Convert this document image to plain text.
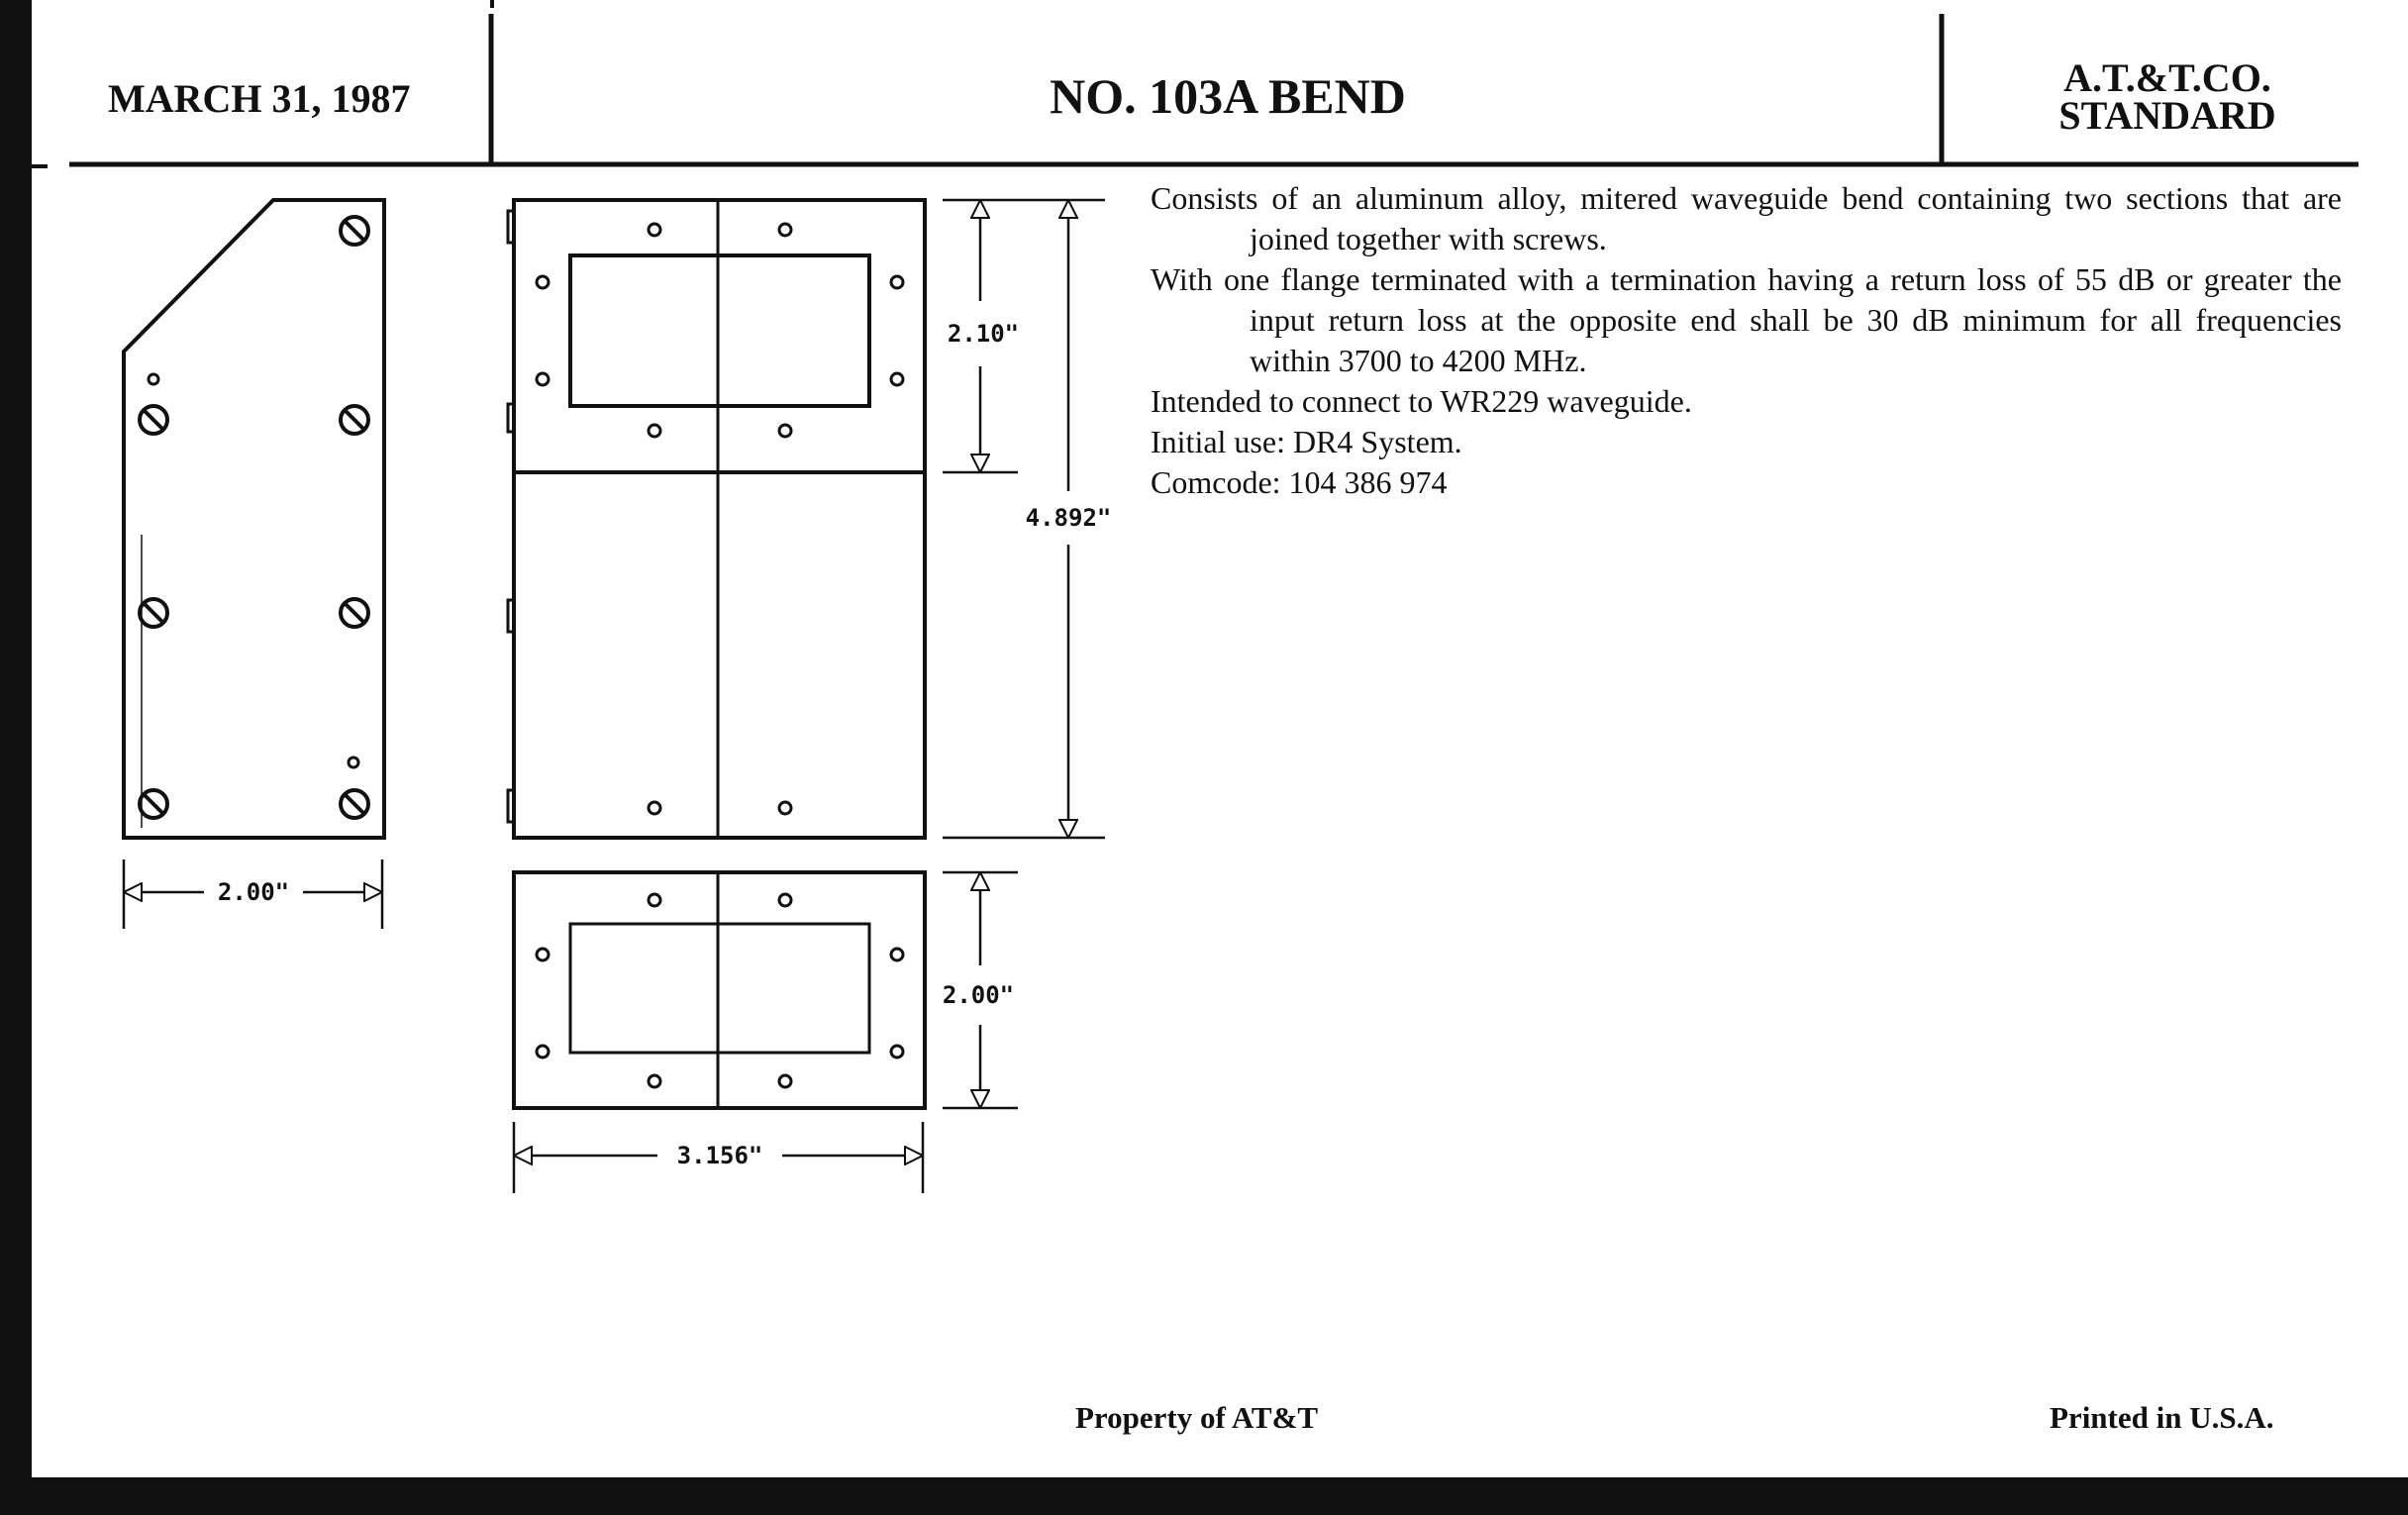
MARCH 31, 1987	NO. 103A BEND	A.T.&T.CO.
STANDARD

Consists of an aluminum alloy, mitered waveguide bend containing two sections that are joined together with screws.

With one flange terminated with a termination having a return loss of 55 dB or greater the input return loss at the opposite end shall be 30 dB minimum for all frequencies within 3700 to 4200 MHz.

Intended to connect to WR229 waveguide.

Initial use: DR4 System.

Comcode: 104 386 974

Property of AT&T	Printed in U.S.A.
2.00"
2.10"
4.892"
2.00"
3.156"
